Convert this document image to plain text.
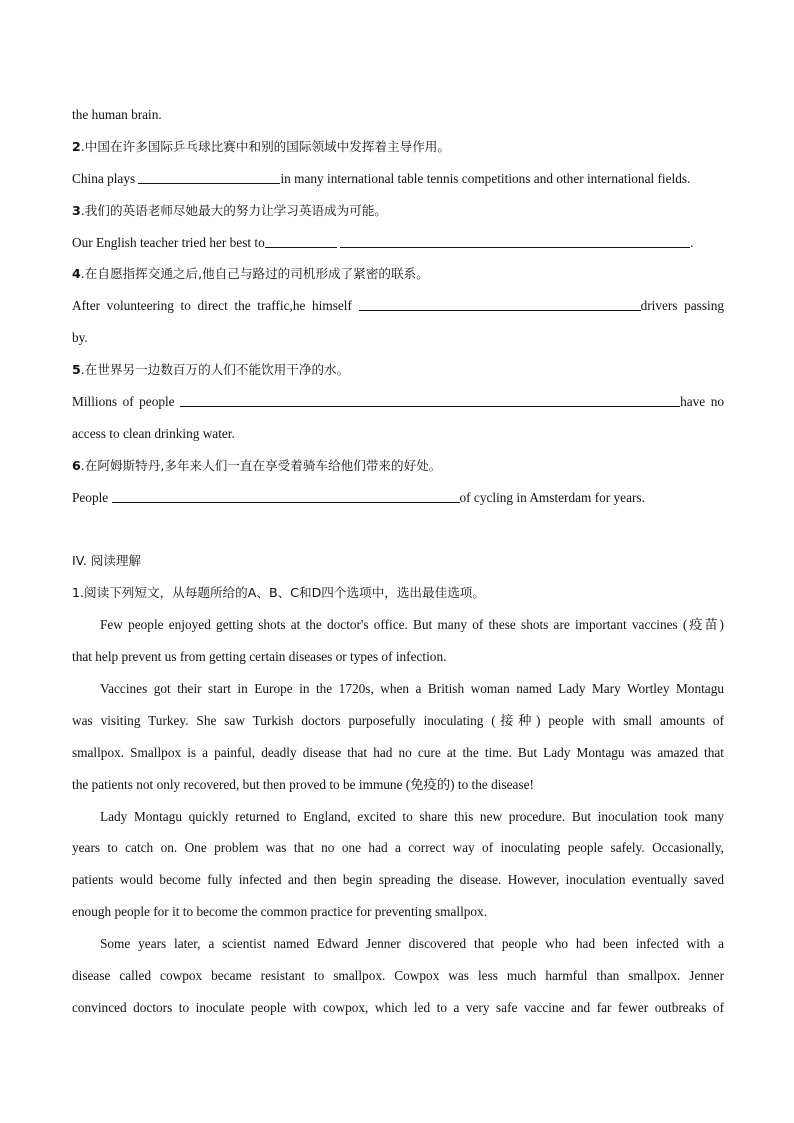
the human brain.
2.中国在许多国际乒乓球比赛中和别的国际领域中发挥着主导作用。
China plays	in many international table tennis competitions and other international fields.
3.我们的英语老师尽她最大的努力让学习英语成为可能。
Our English teacher tried her best to	.
4.在自愿指挥交通之后,他自己与路过的司机形成了紧密的联系。
After volunteering to direct the traffic,he himself	drivers passing
by.
5.在世界另一边数百万的人们不能饮用干净的水。
Millions of people	have no
access to clean drinking water.
6.在阿姆斯特丹,多年来人们一直在享受着骑车给他们带来的好处。
People	of cycling in Amsterdam for years.
IV. 阅读理解
1.阅读下列短文，从每题所给的A、B、C和D四个选项中，选出最佳选项。
Few people enjoyed getting shots at the doctor's office. But many of these shots are important vaccines (疫苗)
that help prevent us from getting certain diseases or types of infection.
Vaccines got their start in Europe in the 1720s, when a British woman named Lady Mary Wortley Montagu
was visiting Turkey. She saw Turkish doctors purposefully inoculating (接种) people with small amounts of
smallpox. Smallpox is a painful, deadly disease that had no cure at the time. But Lady Montagu was amazed that
the patients not only recovered, but then proved to be immune (免疫的) to the disease!
Lady Montagu quickly returned to England, excited to share this new procedure. But inoculation took many
years to catch on. One problem was that no one had a correct way of inoculating people safely. Occasionally,
patients would become fully infected and then begin spreading the disease. However, inoculation eventually saved
enough people for it to become the common practice for preventing smallpox.
Some years later, a scientist named Edward Jenner discovered that people who had been infected with a
disease called cowpox became resistant to smallpox. Cowpox was less much harmful than smallpox. Jenner
convinced doctors to inoculate people with cowpox, which led to a very safe vaccine and far fewer outbreaks of
